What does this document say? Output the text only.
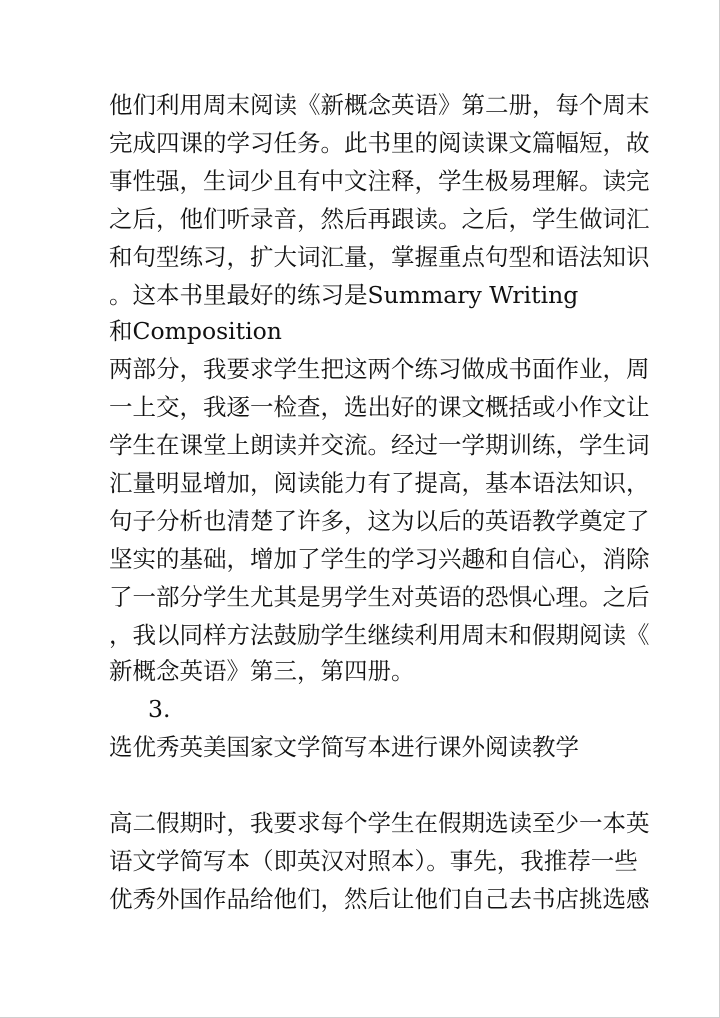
他们利用周末阅读《新概念英语》第二册，每个周末
完成四课的学习任务。此书里的阅读课文篇幅短，故
事性强，生词少且有中文注释，学生极易理解。读完
之后，他们听录音，然后再跟读。之后，学生做词汇
和句型练习，扩大词汇量，掌握重点句型和语法知识
。这本书里最好的练习是Summary Writing
和Composition
两部分，我要求学生把这两个练习做成书面作业，周
一上交，我逐一检查，选出好的课文概括或小作文让
学生在课堂上朗读并交流。经过一学期训练，学生词
汇量明显增加，阅读能力有了提高，基本语法知识，
句子分析也清楚了许多，这为以后的英语教学奠定了
坚实的基础，增加了学生的学习兴趣和自信心，消除
了一部分学生尤其是男学生对英语的恐惧心理。之后
，我以同样方法鼓励学生继续利用周末和假期阅读《
新概念英语》第三，第四册。
3.
选优秀英美国家文学简写本进行课外阅读教学
高二假期时，我要求每个学生在假期选读至少一本英
语文学简写本（即英汉对照本）。事先，我推荐一些
优秀外国作品给他们，然后让他们自己去书店挑选感
